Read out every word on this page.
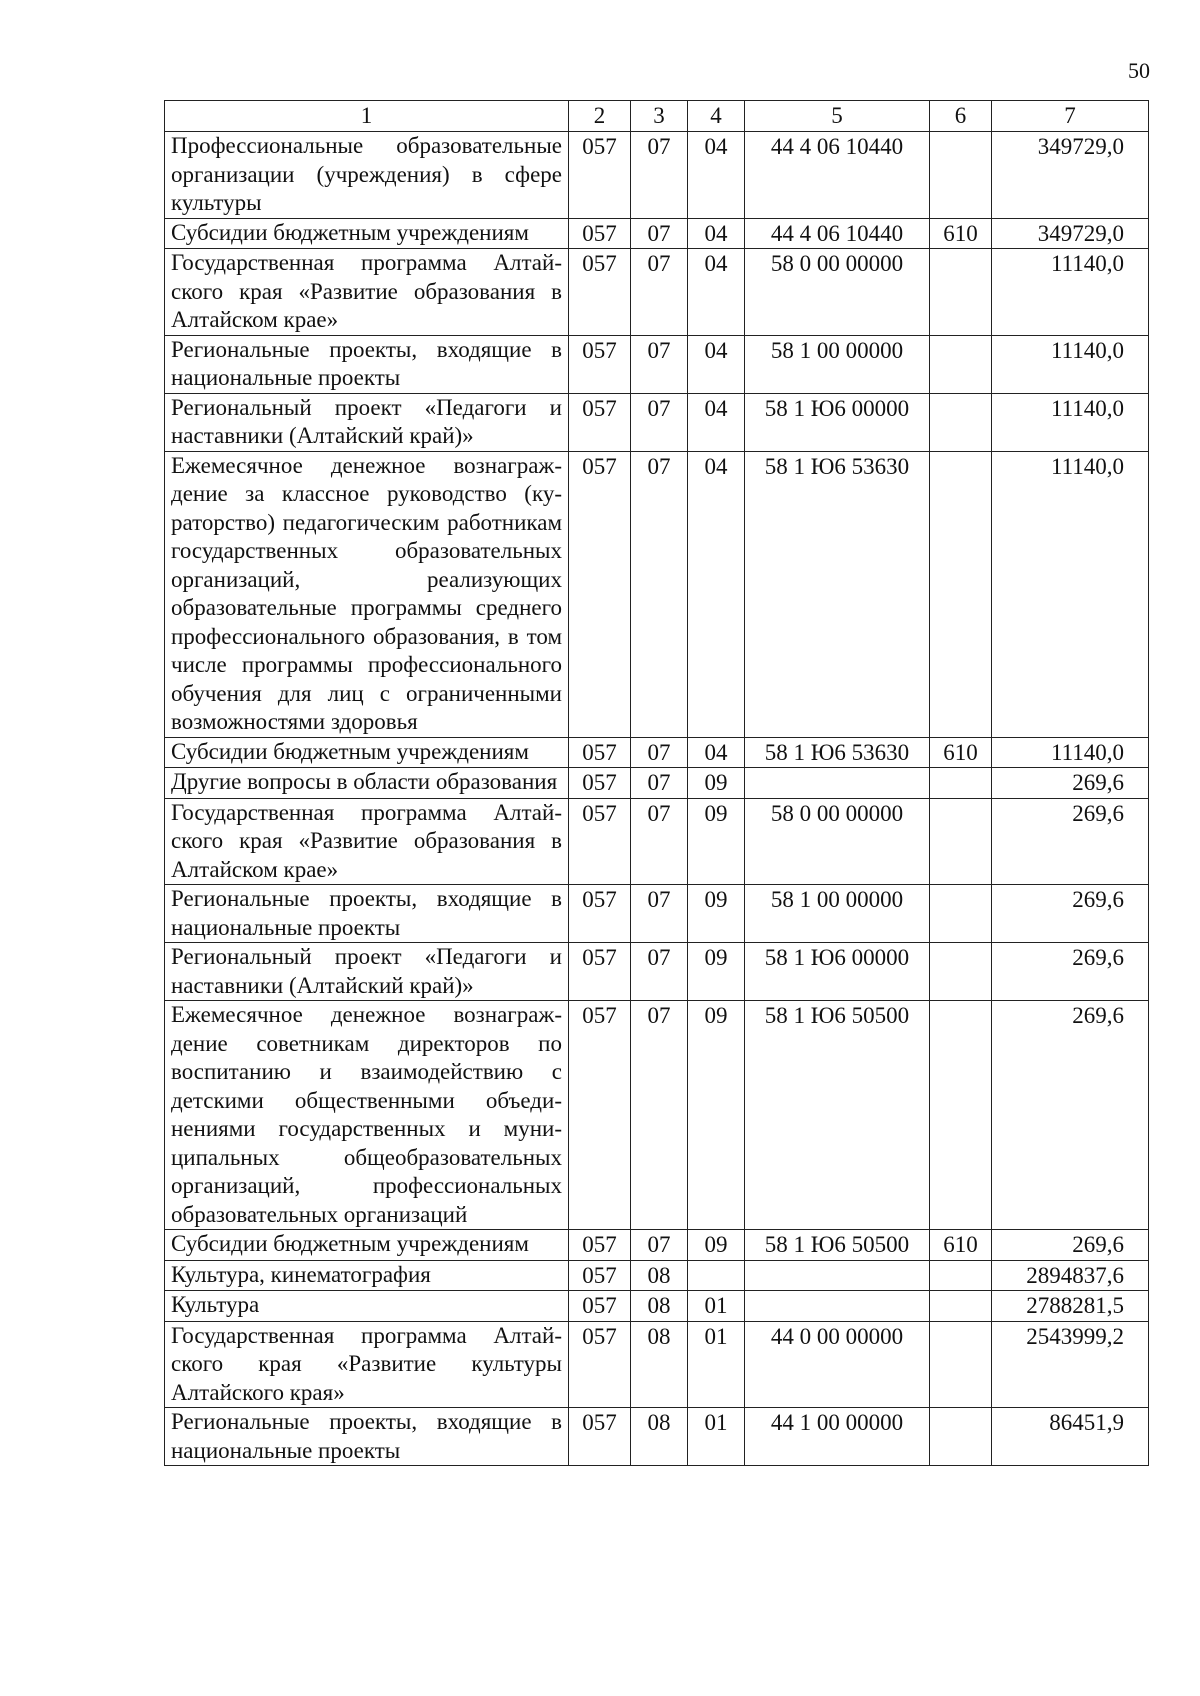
50
1	2	3	4	5	6	7
Профессиональные образовательные организации (учреждения) в сфере культуры	057	07	04	44 4 06 10440		349729,0
Субсидии бюджетным учреждениям	057	07	04	44 4 06 10440	610	349729,0
Государственная программа Алтайского края «Развитие образования в Алтайском крае»	057	07	04	58 0 00 00000		11140,0
Региональные проекты, входящие в национальные проекты	057	07	04	58 1 00 00000		11140,0
Региональный проект «Педагоги и наставники (Алтайский край)»	057	07	04	58 1 Ю6 00000		11140,0
Ежемесячное денежное вознаграждение за классное руководство (кураторство) педагогическим работникам государственных образовательных организаций, реализующих образовательные программы среднего профессионального образования, в том числе программы профессионального обучения для лиц с ограниченными возможностями здоровья	057	07	04	58 1 Ю6 53630		11140,0
Субсидии бюджетным учреждениям	057	07	04	58 1 Ю6 53630	610	11140,0
Другие вопросы в области образования	057	07	09			269,6
Государственная программа Алтайского края «Развитие образования в Алтайском крае»	057	07	09	58 0 00 00000		269,6
Региональные проекты, входящие в национальные проекты	057	07	09	58 1 00 00000		269,6
Региональный проект «Педагоги и наставники (Алтайский край)»	057	07	09	58 1 Ю6 00000		269,6
Ежемесячное денежное вознаграждение советникам директоров по воспитанию и взаимодействию с детскими общественными объединениями государственных и муниципальных общеобразовательных организаций, профессиональных образовательных организаций	057	07	09	58 1 Ю6 50500		269,6
Субсидии бюджетным учреждениям	057	07	09	58 1 Ю6 50500	610	269,6
Культура, кинематография	057	08				2894837,6
Культура	057	08	01			2788281,5
Государственная программа Алтайского края «Развитие культуры Алтайского края»	057	08	01	44 0 00 00000		2543999,2
Региональные проекты, входящие в национальные проекты	057	08	01	44 1 00 00000		86451,9
